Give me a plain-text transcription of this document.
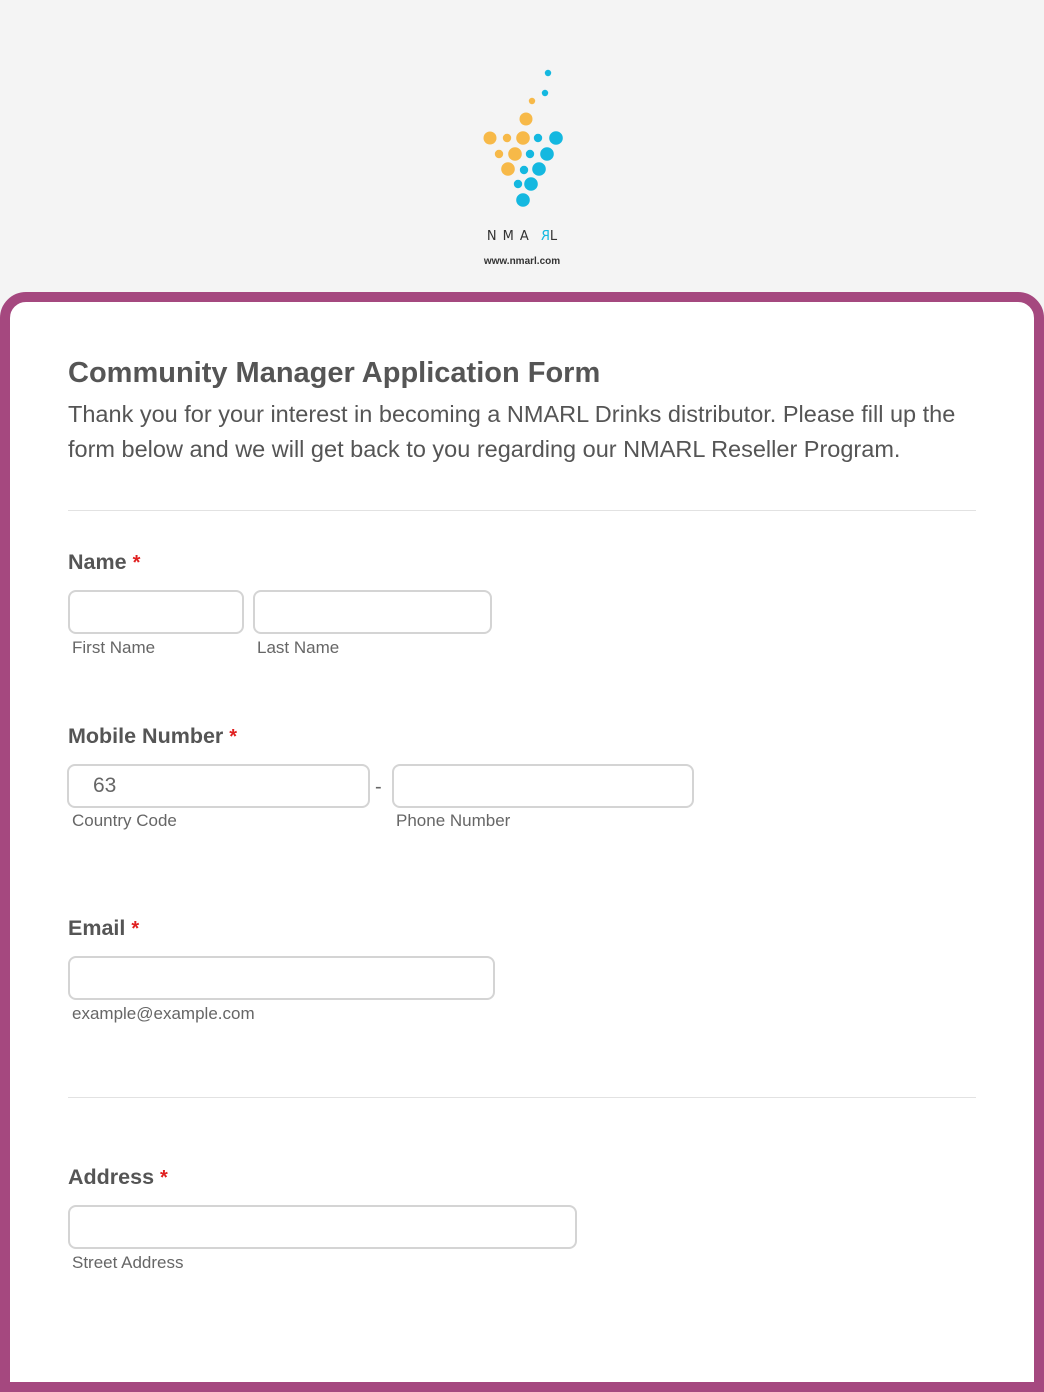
NMARL
www.nmarl.com
Community Manager Application Form

Thank you for your interest in becoming a NMARL Drinks distributor. Please fill up the form below and we will get back to you regarding our NMARL Reseller Program.

Name *
First Name	Last Name
Mobile Number *
63
-
Country Code	Phone Number
Email *
example@example.com
Address *
Street Address
